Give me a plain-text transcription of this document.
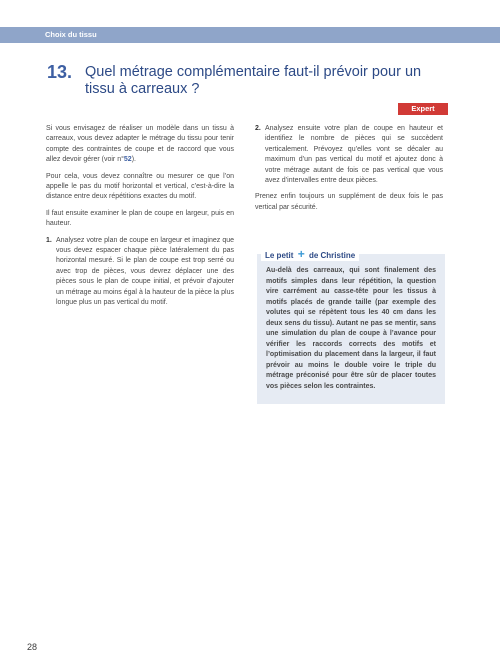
Choix du tissu
13. Quel métrage complémentaire faut-il prévoir pour un tissu à carreaux ?
Expert

Si vous envisagez de réaliser un modèle dans un tissu à carreaux, vous devez adapter le métrage du tissu pour tenir compte des contraintes de coupe et de raccord que vous allez devoir gérer (voir n°52).

Pour cela, vous devez connaître ou mesurer ce que l’on appelle le pas du motif horizontal et vertical, c’est-à-dire la distance entre deux répétitions exactes du motif.

Il faut ensuite examiner le plan de coupe en largeur, puis en hauteur.

1. Analysez votre plan de coupe en largeur et imaginez que vous devez espacer chaque pièce latéralement du pas horizontal mesuré. Si le plan de coupe est trop serré ou avec trop de pièces, vous devrez déplacer une des pièces sous le plan de coupe initial, et prévoir d’ajouter un métrage au moins égal à la hauteur de la pièce la plus longue plus un pas vertical du motif.
2. Analysez ensuite votre plan de coupe en hauteur et identifiez le nombre de pièces qui se succèdent verticalement. Prévoyez qu’elles vont se décaler au maximum d’un pas vertical du motif et ajoutez donc à votre métrage autant de fois ce pas vertical que vous avez d’intervalles entre deux pièces.

Prenez enfin toujours un supplément de deux fois le pas vertical par sécurité.

Le petit + de Christine

Au-delà des carreaux, qui sont finalement des motifs simples dans leur répétition, la question vire carrément au casse-tête pour les tissus à motifs placés de grande taille (par exemple des volutes qui se répètent tous les 40 cm dans les deux sens du tissu). Autant ne pas se mentir, sans une simulation du plan de coupe à l’avance pour vérifier les raccords corrects des motifs et l’optimisation du placement dans la largeur, il faut prévoir au moins le double voire le triple du métrage préconisé pour être sûr de placer toutes vos pièces selon les contraintes.

28
